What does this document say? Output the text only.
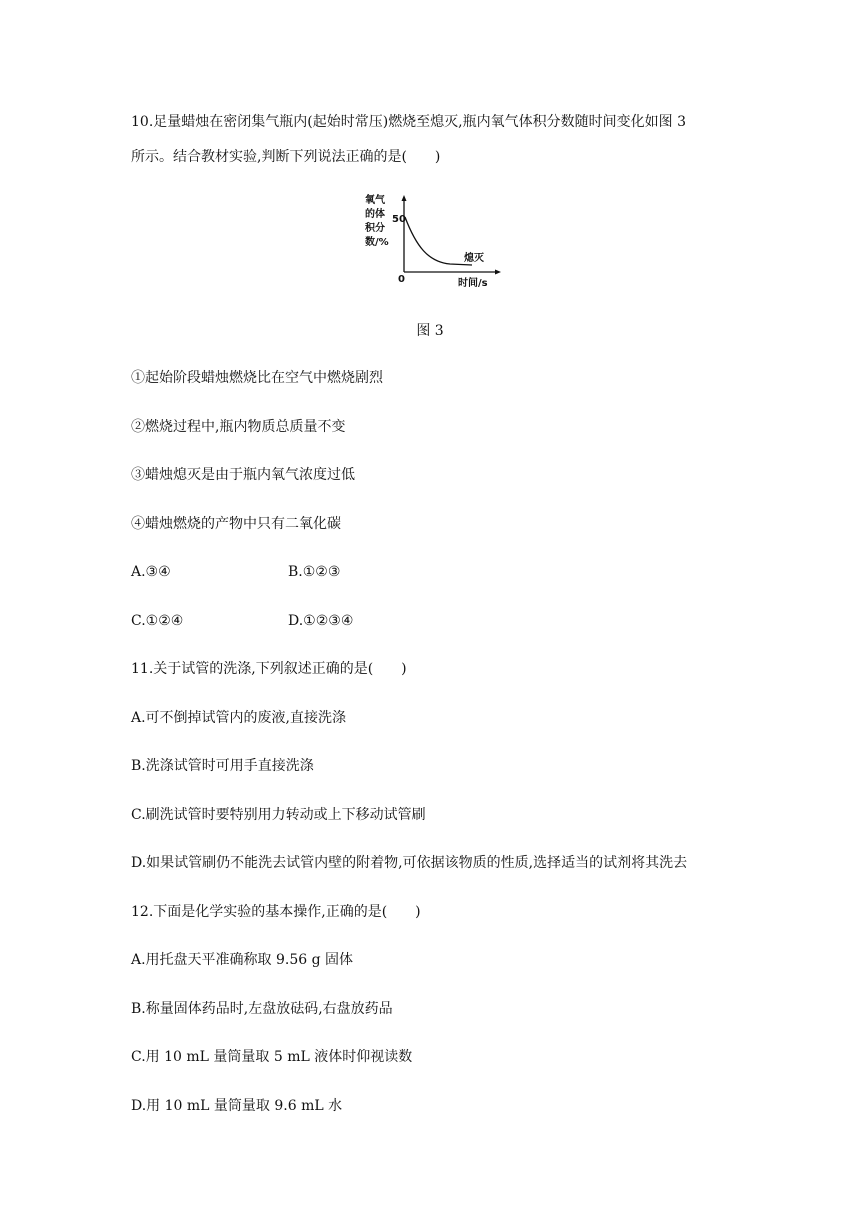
10.足量蜡烛在密闭集气瓶内(起始时常压)燃烧至熄灭,瓶内氧气体积分数随时间变化如图 3
所示。结合教材实验,判断下列说法正确的是(　　)
氧气
的体
积分
数/%
50
0	时间/s
熄灭
图 3
①起始阶段蜡烛燃烧比在空气中燃烧剧烈
②燃烧过程中,瓶内物质总质量不变
③蜡烛熄灭是由于瓶内氧气浓度过低
④蜡烛燃烧的产物中只有二氧化碳
A.③④	B.①②③
C.①②④	D.①②③④
11.关于试管的洗涤,下列叙述正确的是(　　)
A.可不倒掉试管内的废液,直接洗涤
B.洗涤试管时可用手直接洗涤
C.刷洗试管时要特别用力转动或上下移动试管刷
D.如果试管刷仍不能洗去试管内壁的附着物,可依据该物质的性质,选择适当的试剂将其洗去
12.下面是化学实验的基本操作,正确的是(　　)
A.用托盘天平准确称取 9.56 g 固体
B.称量固体药品时,左盘放砝码,右盘放药品
C.用 10 mL 量筒量取 5 mL 液体时仰视读数
D.用 10 mL 量筒量取 9.6 mL 水
